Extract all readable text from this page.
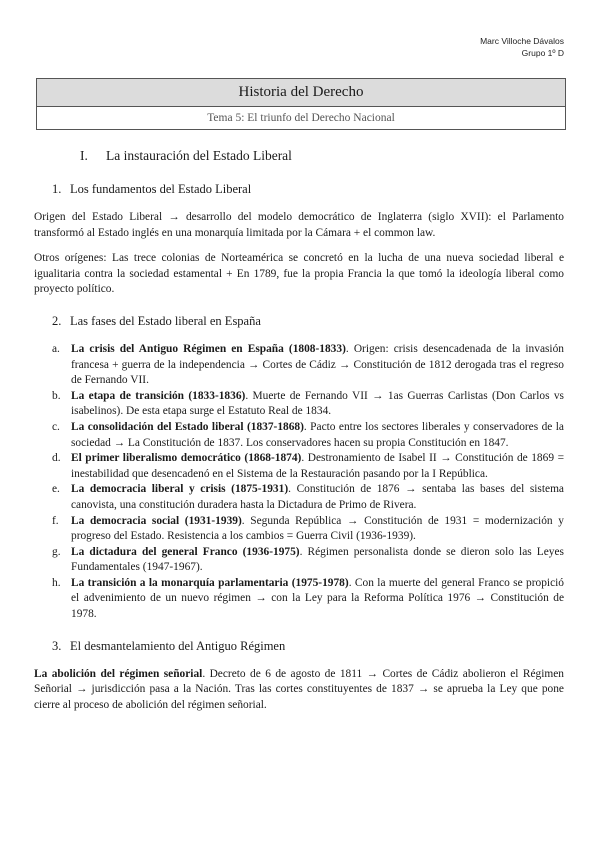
Marc Villoche Dávalos
Grupo 1º D
Historia del Derecho
Tema 5: El triunfo del Derecho Nacional
I. La instauración del Estado Liberal
1. Los fundamentos del Estado Liberal

Origen del Estado Liberal → desarrollo del modelo democrático de Inglaterra (siglo XVII): el Parlamento transformó al Estado inglés en una monarquía limitada por la Cámara + el common law.

Otros orígenes: Las trece colonias de Norteamérica se concretó en la lucha de una nueva sociedad liberal e igualitaria contra la sociedad estamental + En 1789, fue la propia Francia la que tomó la ideología liberal como proyecto político.

2. Las fases del Estado liberal en España
a. La crisis del Antiguo Régimen en España (1808-1833). Origen: crisis desencadenada de la invasión francesa + guerra de la independencia → Cortes de Cádiz → Constitución de 1812 derogada tras el regreso de Fernando VII.
b. La etapa de transición (1833-1836). Muerte de Fernando VII → 1as Guerras Carlistas (Don Carlos vs isabelinos). De esta etapa surge el Estatuto Real de 1834.
c. La consolidación del Estado liberal (1837-1868). Pacto entre los sectores liberales y conservadores de la sociedad → La Constitución de 1837. Los conservadores hacen su propia Constitución en 1847.
d. El primer liberalismo democrático (1868-1874). Destronamiento de Isabel II → Constitución de 1869 = inestabilidad que desencadenó en el Sistema de la Restauración pasando por la I República.
e. La democracia liberal y crisis (1875-1931). Constitución de 1876 → sentaba las bases del sistema canovista, una constitución duradera hasta la Dictadura de Primo de Rivera.
f. La democracia social (1931-1939). Segunda República → Constitución de 1931 = modernización y progreso del Estado. Resistencia a los cambios = Guerra Civil (1936-1939).
g. La dictadura del general Franco (1936-1975). Régimen personalista donde se dieron solo las Leyes Fundamentales (1947-1967).
h. La transición a la monarquía parlamentaria (1975-1978). Con la muerte del general Franco se propició el advenimiento de un nuevo régimen → con la Ley para la Reforma Política 1976 → Constitución de 1978.
3. El desmantelamiento del Antiguo Régimen

La abolición del régimen señorial. Decreto de 6 de agosto de 1811 → Cortes de Cádiz abolieron el Régimen Señorial → jurisdicción pasa a la Nación. Tras las cortes constituyentes de 1837 → se aprueba la Ley que pone cierre al proceso de abolición del régimen señorial.
